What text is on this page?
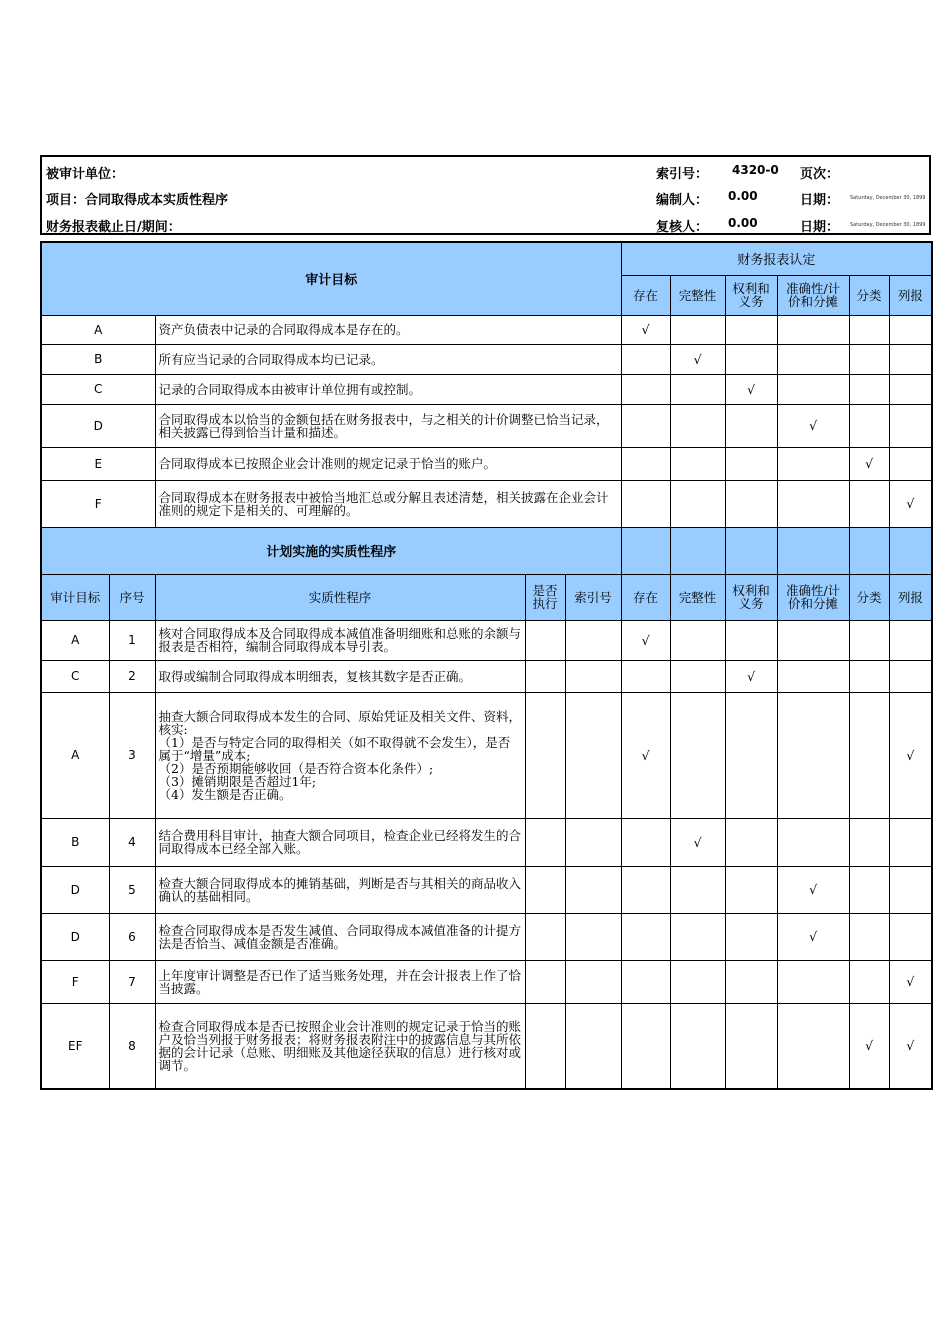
被审计单位：
项目：合同取得成本实质性程序
财务报表截止日/期间：
索引号： 4320-0 页次：
编制人： 0.00	日期： Saturday, December 30, 1899
复核人： 0.00	日期： Saturday, December 30, 1899
审计目标					财务报表认定					
					存在	完整性	权利和义务	准确性/计价和分摊	分类	列报
A		资产负债表中记录的合同取得成本是存在的。			√					
B		所有应当记录的合同取得成本均已记录。				√				
C		记录的合同取得成本由被审计单位拥有或控制。					√			
D		合同取得成本以恰当的金额包括在财务报表中，与之相关的计价调整已恰当记录，相关披露已得到恰当计量和描述。						√		
E		合同取得成本已按照企业会计准则的规定记录于恰当的账户。							√	
F		合同取得成本在财务报表中被恰当地汇总或分解且表述清楚，相关披露在企业会计准则的规定下是相关的、可理解的。								√
计划实施的实质性程序										
审计目标	序号	实质性程序	是否执行	索引号	存在	完整性	权利和义务	准确性/计价和分摊	分类	列报
A	1	核对合同取得成本及合同取得成本减值准备明细账和总账的余额与报表是否相符，编制合同取得成本导引表。			√					
C	2	取得或编制合同取得成本明细表，复核其数字是否正确。					√			
A	3	抽查大额合同取得成本发生的合同、原始凭证及相关文件、资料，核实:
（1）是否与特定合同的取得相关（如不取得就不会发生），是否属于“增量”成本;
（2）是否预期能够收回（是否符合资本化条件）;
（3）摊销期限是否超过1年;
（4）发生额是否正确。			√					√
B	4	结合费用科目审计，抽查大额合同项目，检查企业已经将发生的合同取得成本已经全部入账。				√				
D	5	检查大额合同取得成本的摊销基础，判断是否与其相关的商品收入确认的基础相同。						√		
D	6	检查合同取得成本是否发生减值、合同取得成本减值准备的计提方法是否恰当、减值金额是否准确。						√		
F	7	上年度审计调整是否已作了适当账务处理，并在会计报表上作了恰当披露。								√
EF	8	检查合同取得成本是否已按照企业会计准则的规定记录于恰当的账户及恰当列报于财务报表；将财务报表附注中的披露信息与其所依据的会计记录（总账、明细账及其他途径获取的信息）进行核对或调节。							√	√
